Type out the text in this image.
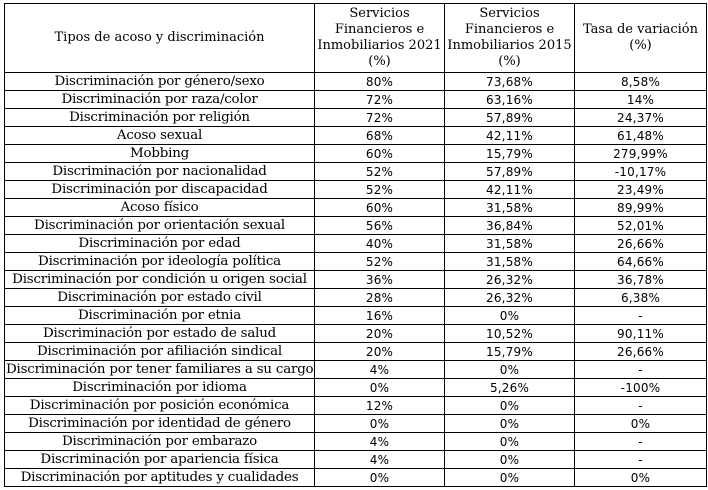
Tipos de acoso y discriminación	Servicios Financieros e Inmobiliarios 2021 (%)	Servicios Financieros e Inmobiliarios 2015 (%)	Tasa de variación (%)
Discriminación por género/sexo	80%	73,68%	8,58%
Discriminación por raza/color	72%	63,16%	14%
Discriminación por religión	72%	57,89%	24,37%
Acoso sexual	68%	42,11%	61,48%
Mobbing	60%	15,79%	279,99%
Discriminación por nacionalidad	52%	57,89%	-10,17%
Discriminación por discapacidad	52%	42,11%	23,49%
Acoso físico	60%	31,58%	89,99%
Discriminación por orientación sexual	56%	36,84%	52,01%
Discriminación por edad	40%	31,58%	26,66%
Discriminación por ideología política	52%	31,58%	64,66%
Discriminación por condición u origen social	36%	26,32%	36,78%
Discriminación por estado civil	28%	26,32%	6,38%
Discriminación por etnia	16%	0%	-
Discriminación por estado de salud	20%	10,52%	90,11%
Discriminación por afiliación sindical	20%	15,79%	26,66%
Discriminación por tener familiares a su cargo	4%	0%	-
Discriminación por idioma	0%	5,26%	-100%
Discriminación por posición económica	12%	0%	-
Discriminación por identidad de género	0%	0%	0%
Discriminación por embarazo	4%	0%	-
Discriminación por apariencia física	4%	0%	-
Discriminación por aptitudes y cualidades	0%	0%	0%
